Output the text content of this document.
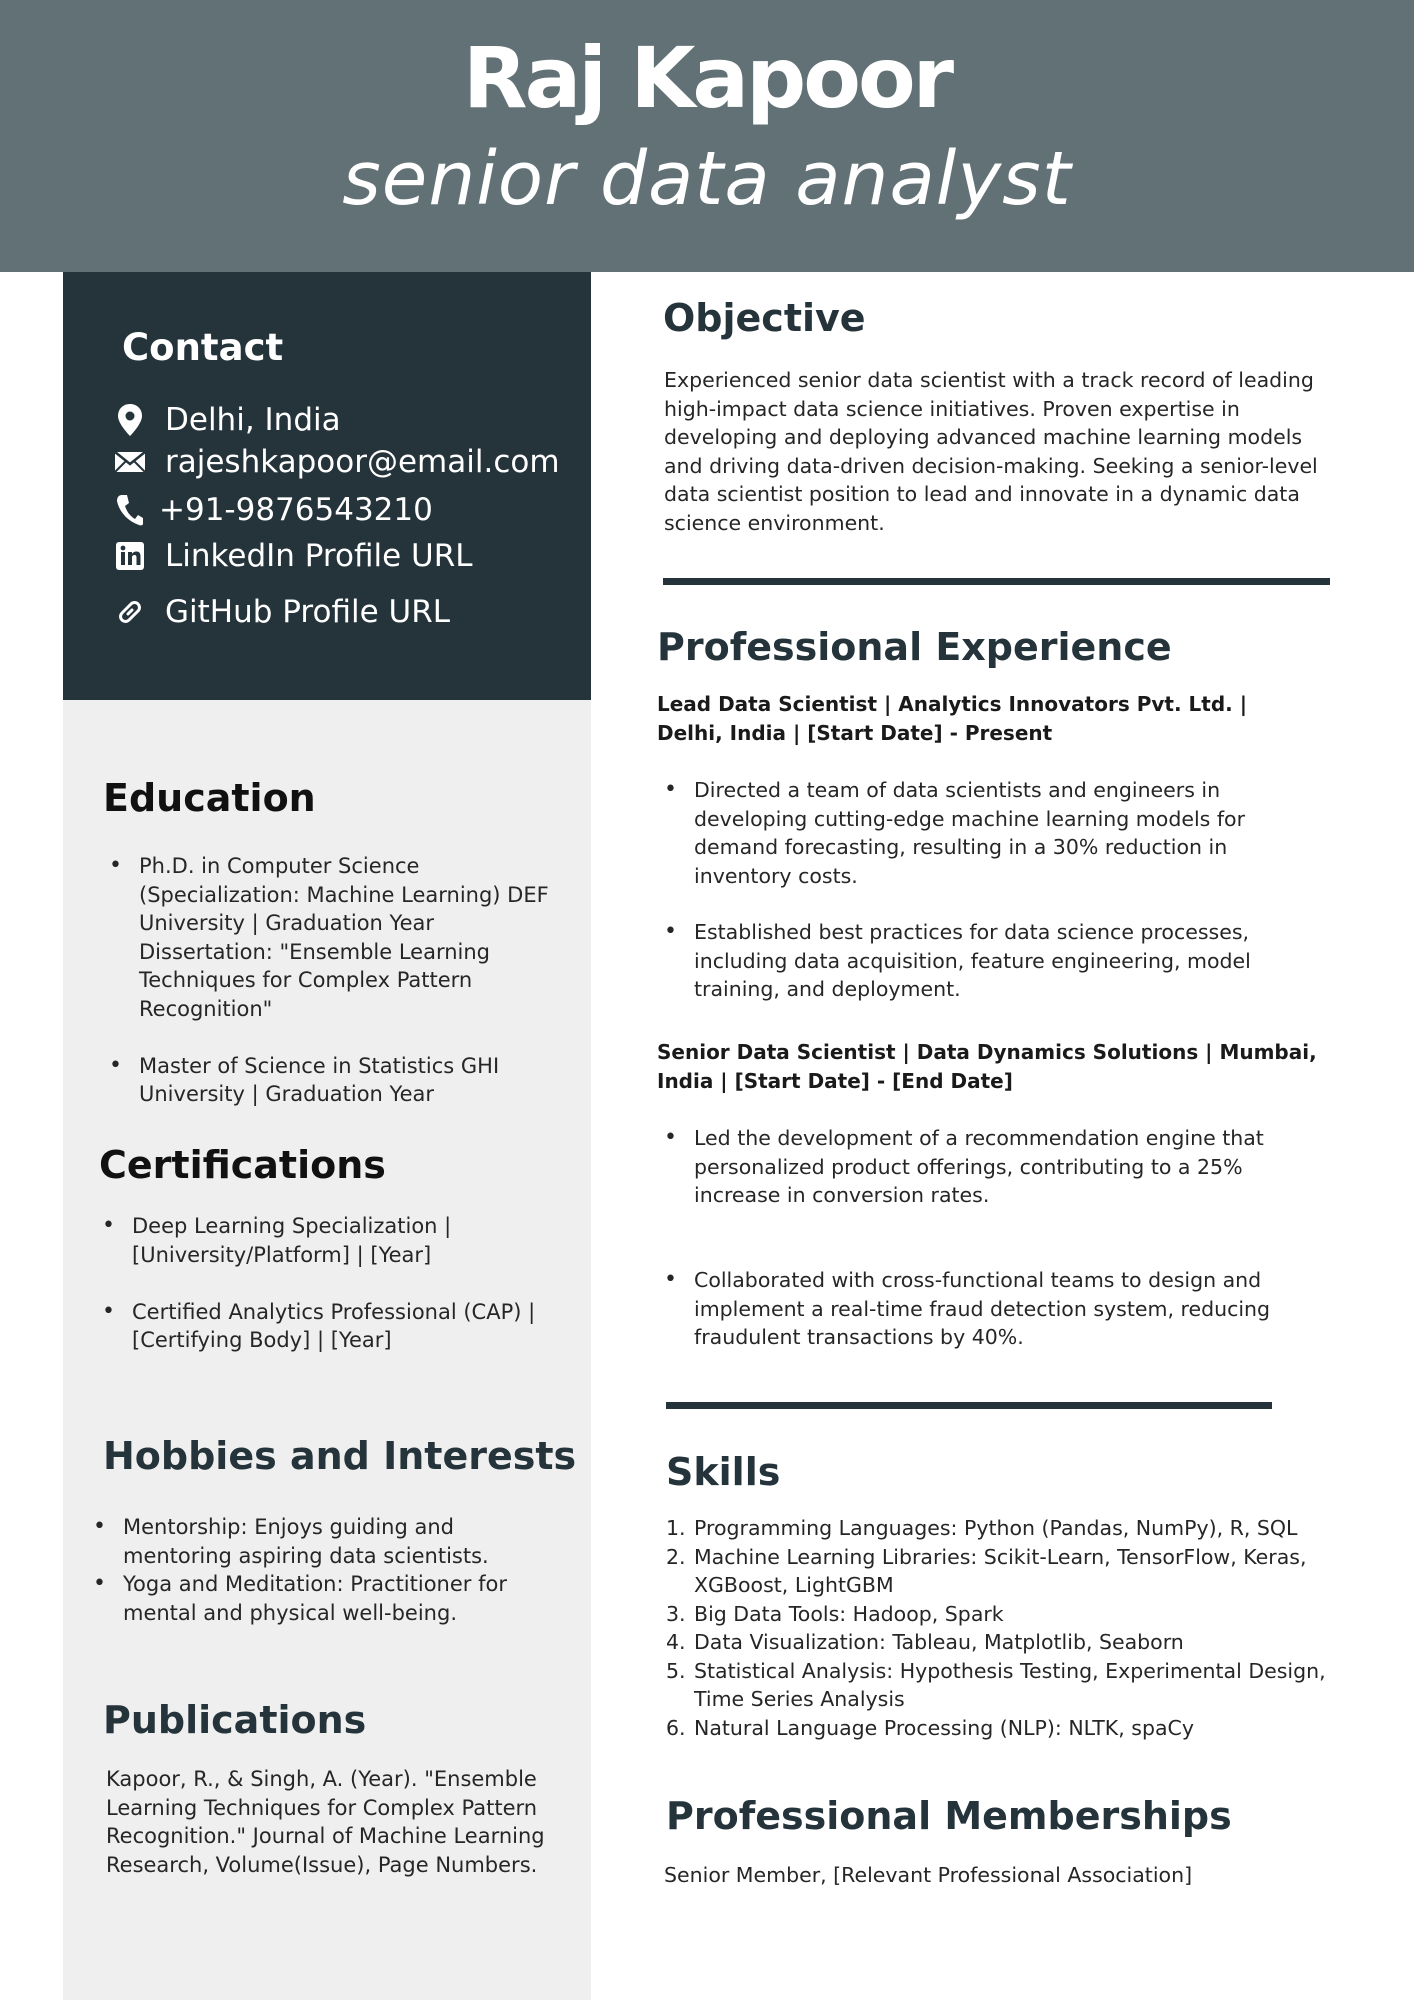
Raj Kapoor
senior data analyst
Contact
Delhi, India
rajeshkapoor@email.com
+91-9876543210
LinkedIn Profile URL
GitHub Profile URL
Education
• Ph.D. in Computer Science (Specialization: Machine Learning) DEF University | Graduation Year Dissertation: "Ensemble Learning Techniques for Complex Pattern Recognition"
• Master of Science in Statistics GHI University | Graduation Year
Certifications
• Deep Learning Specialization | [University/Platform] | [Year]
• Certified Analytics Professional (CAP) | [Certifying Body] | [Year]
Hobbies and Interests
• Mentorship: Enjoys guiding and mentoring aspiring data scientists.
• Yoga and Meditation: Practitioner for mental and physical well-being.
Publications
Kapoor, R., & Singh, A. (Year). "Ensemble Learning Techniques for Complex Pattern Recognition." Journal of Machine Learning Research, Volume(Issue), Page Numbers.
Objective
Experienced senior data scientist with a track record of leading high-impact data science initiatives. Proven expertise in developing and deploying advanced machine learning models and driving data-driven decision-making. Seeking a senior-level data scientist position to lead and innovate in a dynamic data science environment.
Professional Experience
Lead Data Scientist | Analytics Innovators Pvt. Ltd. | Delhi, India | [Start Date] - Present
• Directed a team of data scientists and engineers in developing cutting-edge machine learning models for demand forecasting, resulting in a 30% reduction in inventory costs.
• Established best practices for data science processes, including data acquisition, feature engineering, model training, and deployment.
Senior Data Scientist | Data Dynamics Solutions | Mumbai, India | [Start Date] - [End Date]
• Led the development of a recommendation engine that personalized product offerings, contributing to a 25% increase in conversion rates.
• Collaborated with cross-functional teams to design and implement a real-time fraud detection system, reducing fraudulent transactions by 40%.
Skills
1. Programming Languages: Python (Pandas, NumPy), R, SQL
2. Machine Learning Libraries: Scikit-Learn, TensorFlow, Keras, XGBoost, LightGBM
3. Big Data Tools: Hadoop, Spark
4. Data Visualization: Tableau, Matplotlib, Seaborn
5. Statistical Analysis: Hypothesis Testing, Experimental Design, Time Series Analysis
6. Natural Language Processing (NLP): NLTK, spaCy
Professional Memberships
Senior Member, [Relevant Professional Association]
